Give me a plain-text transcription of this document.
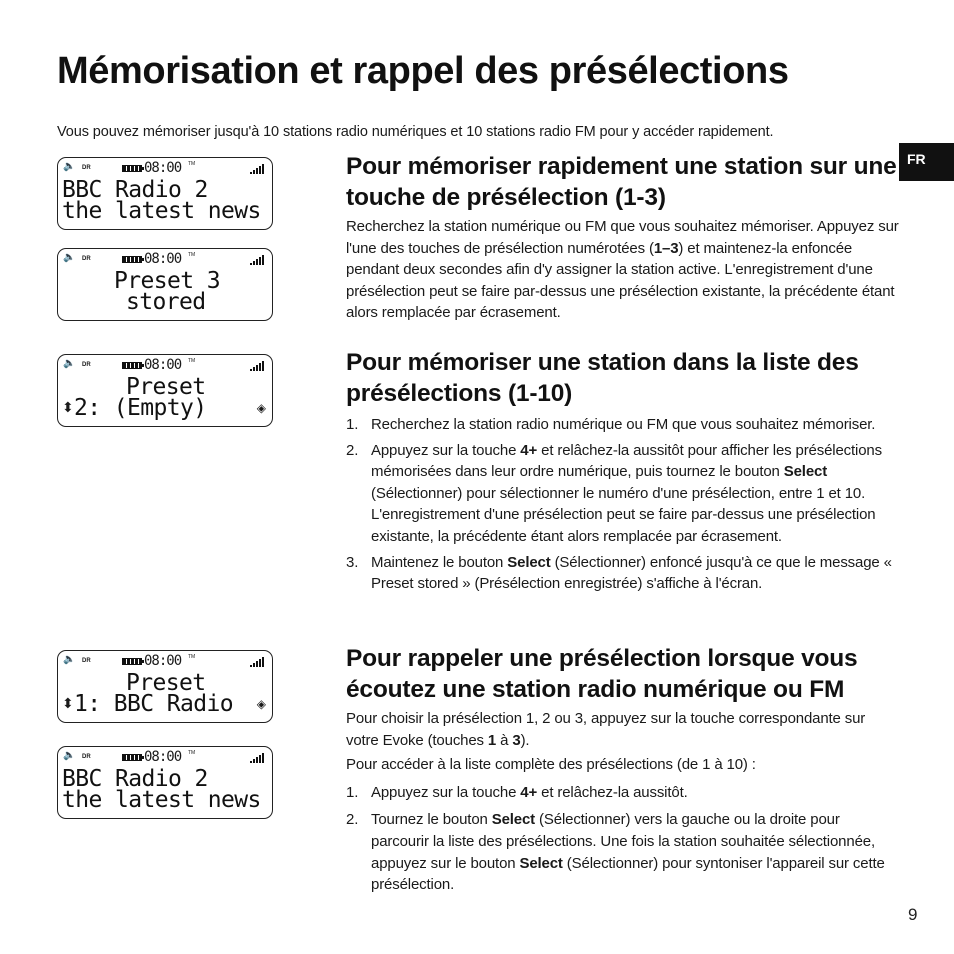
Mémorisation et rappel des présélections

Vous pouvez mémoriser jusqu'à 10 stations radio numériques et 10 stations radio FM pour y accéder rapidement.

FR
🔈 DR	08:00 TM

BBC Radio 2

the latest news

🔈 DR	08:00 TM

Preset 3

stored

🔈 DR	08:00 TM

Preset

⬍ 2: (Empty)	◈
🔈 DR	08:00 TM

Preset

⬍ 1: BBC Radio	◈
🔈 DR	08:00 TM

BBC Radio 2

the latest news

Pour mémoriser rapidement une station sur une touche de présélection (1-3)

Recherchez la station numérique ou FM que vous souhaitez mémoriser. Appuyez sur l'une des touches de présélection numérotées (1–3) et maintenez-la enfoncée pendant deux secondes afin d'y assigner la station active. L'enregistrement d'une présélection peut se faire par-dessus une présélection existante, la précédente étant alors remplacée par écrasement.

Pour mémoriser une station dans la liste des présélections (1-10)
1. Recherchez la station radio numérique ou FM que vous souhaitez mémoriser.
2. Appuyez sur la touche 4+ et relâchez-la aussitôt pour afficher les présélections mémorisées dans leur ordre numérique, puis tournez le bouton Select (Sélectionner) pour sélectionner le numéro d'une présélection, entre 1 et 10. L'enregistrement d'une présélection peut se faire par-dessus une présélection existante, la précédente étant alors remplacée par écrasement.
3. Maintenez le bouton Select (Sélectionner) enfoncé jusqu'à ce que le message « Preset stored » (Présélection enregistrée) s'affiche à l'écran.
Pour rappeler une présélection lorsque vous écoutez une station radio numérique ou FM

Pour choisir la présélection 1, 2 ou 3, appuyez sur la touche correspondante sur votre Evoke (touches 1 à 3).

Pour accéder à la liste complète des présélections (de 1 à 10) :

1. Appuyez sur la touche 4+ et relâchez-la aussitôt.
2. Tournez le bouton Select (Sélectionner) vers la gauche ou la droite pour parcourir la liste des présélections. Une fois la station souhaitée sélectionnée, appuyez sur le bouton Select (Sélectionner) pour syntoniser l'appareil sur cette présélection.
9
